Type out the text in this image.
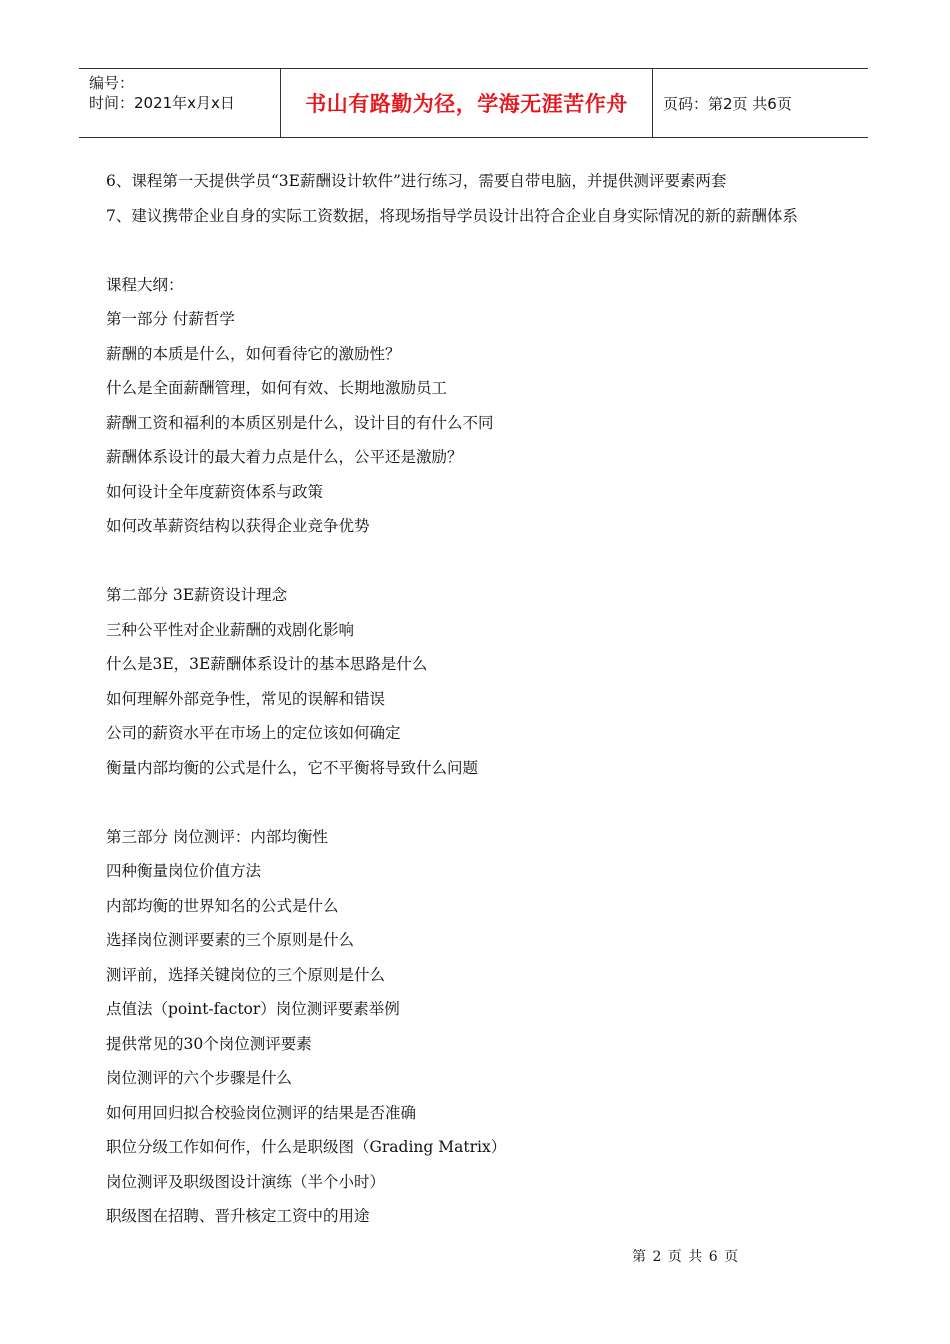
编号：
时间：2021年x月x日	书山有路勤为径，学海无涯苦作舟 页码：第2页 共6页
6、课程第一天提供学员“3E薪酬设计软件”进行练习，需要自带电脑，并提供测评要素两套
7、建议携带企业自身的实际工资数据，将现场指导学员设计出符合企业自身实际情况的新的薪酬体系
课程大纲：
第一部分 付薪哲学
薪酬的本质是什么，如何看待它的激励性？
什么是全面薪酬管理，如何有效、长期地激励员工
薪酬工资和福利的本质区别是什么，设计目的有什么不同
薪酬体系设计的最大着力点是什么，公平还是激励？
如何设计全年度薪资体系与政策
如何改革薪资结构以获得企业竞争优势
第二部分 3E薪资设计理念
三种公平性对企业薪酬的戏剧化影响
什么是3E，3E薪酬体系设计的基本思路是什么
如何理解外部竞争性，常见的误解和错误
公司的薪资水平在市场上的定位该如何确定
衡量内部均衡的公式是什么，它不平衡将导致什么问题
第三部分 岗位测评：内部均衡性
四种衡量岗位价值方法
内部均衡的世界知名的公式是什么
选择岗位测评要素的三个原则是什么
测评前，选择关键岗位的三个原则是什么
点值法（point-factor）岗位测评要素举例
提供常见的30个岗位测评要素
岗位测评的六个步骤是什么
如何用回归拟合校验岗位测评的结果是否准确
职位分级工作如何作，什么是职级图（Grading Matrix）
岗位测评及职级图设计演练（半个小时）
职级图在招聘、晋升核定工资中的用途
第 2 页 共 6 页
